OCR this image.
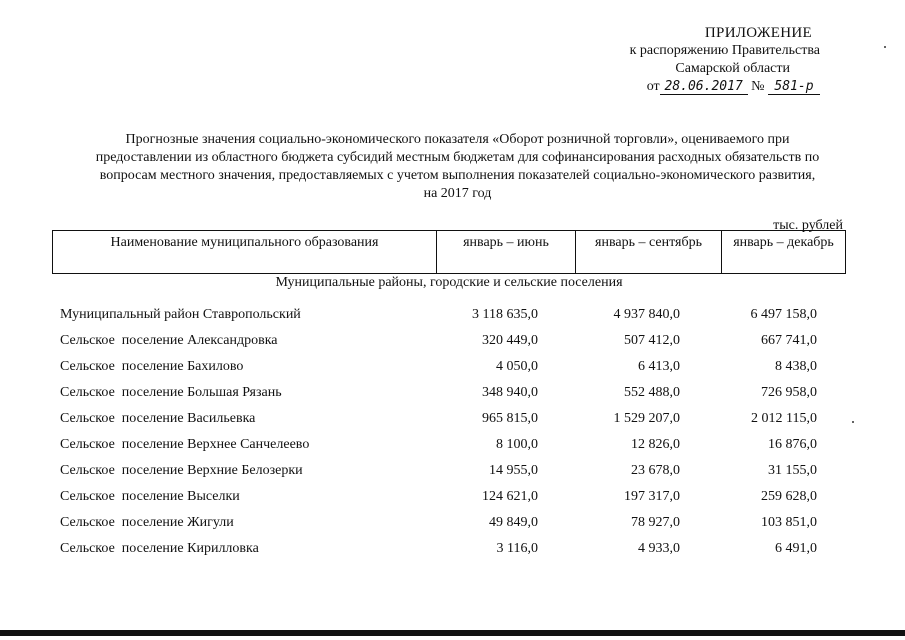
ПРИЛОЖЕНИЕ
к распоряжению Правительства
Самарской области
от 28.06.2017 № 581-р
Прогнозные значения социально-экономического показателя «Оборот розничной торговли», оцениваемого при
предоставлении из областного бюджета субсидий местным бюджетам для софинансирования расходных обязательств по
вопросам местного значения, предоставляемых с учетом выполнения показателей социально-экономического развития,
на 2017 год
тыс. рублей
Наименование муниципального образования	январь – июнь	январь – сентябрь	январь – декабрь
Муниципальные районы, городские и сельские поселения
Муниципальный район Ставропольский	3 118 635,0	4 937 840,0	6 497 158,0
Сельское  поселение Александровка	320 449,0	507 412,0	667 741,0
Сельское  поселение Бахилово	4 050,0	6 413,0	8 438,0
Сельское  поселение Большая Рязань	348 940,0	552 488,0	726 958,0
Сельское  поселение Васильевка	965 815,0	1 529 207,0	2 012 115,0
Сельское  поселение Верхнее Санчелеево	8 100,0	12 826,0	16 876,0
Сельское  поселение Верхние Белозерки	14 955,0	23 678,0	31 155,0
Сельское  поселение Выселки	124 621,0	197 317,0	259 628,0
Сельское  поселение Жигули	49 849,0	78 927,0	103 851,0
Сельское  поселение Кирилловка	3 116,0	4 933,0	6 491,0
